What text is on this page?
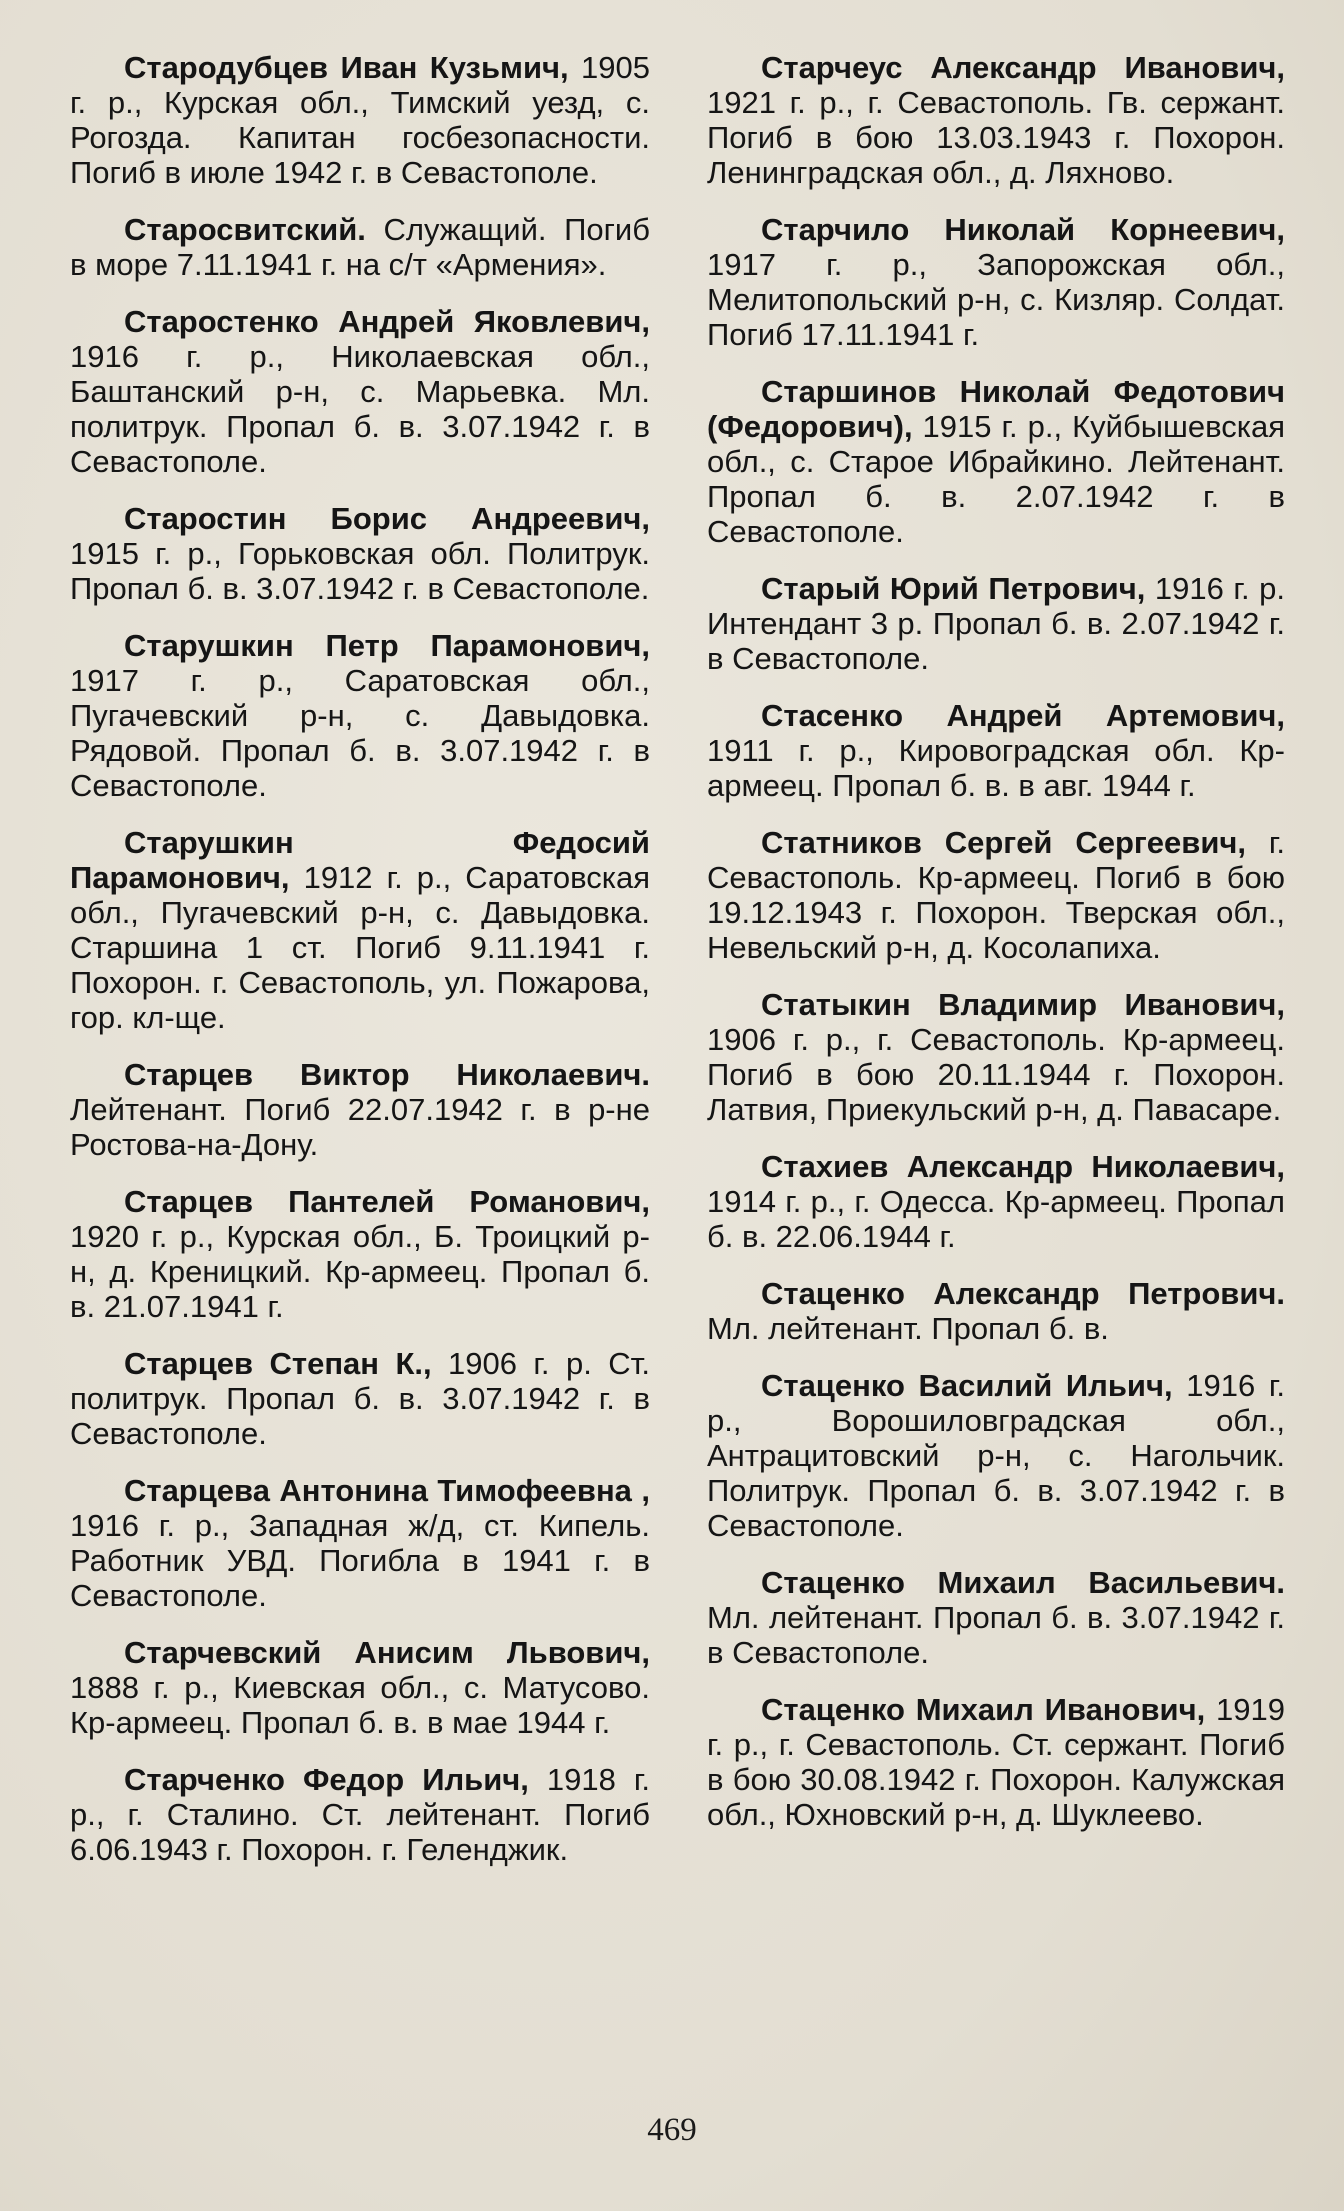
Стародубцев Иван Кузьмич, 1905 г. р., Курская обл., Тимский уезд, с. Рогозда. Капитан госбезопасности. Погиб в июле 1942 г. в Севастополе.

Старосвитский. Служащий. Погиб в море 7.11.1941 г. на с/т «Армения».

Старостенко Андрей Яковлевич, 1916 г. р., Николаевская обл., Баштанский р-н, с. Марьевка. Мл. политрук. Пропал б. в. 3.07.1942 г. в Севастополе.

Старостин Борис Андреевич, 1915 г. р., Горьковская обл. Политрук. Пропал б. в. 3.07.1942 г. в Севастополе.

Старушкин Петр Парамонович, 1917 г. р., Саратовская обл., Пугачевский р-н, с. Давыдовка. Рядовой. Пропал б. в. 3.07.1942 г. в Севастополе.

Старушкин Федосий Парамонович, 1912 г. р., Саратовская обл., Пугачевский р-н, с. Давыдовка. Старшина 1 ст. Погиб 9.11.1941 г. Похорон. г. Севастополь, ул. Пожарова, гор. кл-ще.

Старцев Виктор Николаевич. Лейтенант. Погиб 22.07.1942 г. в р-не Ростова-на-Дону.

Старцев Пантелей Романович, 1920 г. р., Курская обл., Б. Троицкий р-н, д. Креницкий. Кр-армеец. Пропал б. в. 21.07.1941 г.

Старцев Степан К., 1906 г. р. Ст. политрук. Пропал б. в. 3.07.1942 г. в Севастополе.

Старцева Антонина Тимофеевна , 1916 г. р., Западная ж/д, ст. Кипель. Работник УВД. Погибла в 1941 г. в Севастополе.

Старчевский Анисим Львович, 1888 г. р., Киевская обл., с. Матусово. Кр-армеец. Пропал б. в. в мае 1944 г.

Старченко Федор Ильич, 1918 г. р., г. Сталино. Ст. лейтенант. Погиб 6.06.1943 г. Похорон. г. Геленджик.

Старчеус Александр Иванович, 1921 г. р., г. Севастополь. Гв. сержант. Погиб в бою 13.03.1943 г. Похорон. Ленинградская обл., д. Ляхново.

Старчило Николай Корнеевич, 1917 г. р., Запорожская обл., Мелитопольский р-н, с. Кизляр. Солдат. Погиб 17.11.1941 г.

Старшинов Николай Федотович (Федорович), 1915 г. р., Куйбышевская обл., с. Старое Ибрайкино. Лейтенант. Пропал б. в. 2.07.1942 г. в Севастополе.

Старый Юрий Петрович, 1916 г. р. Интендант 3 р. Пропал б. в. 2.07.1942 г. в Севастополе.

Стасенко Андрей Артемович, 1911 г. р., Кировоградская обл. Кр-армеец. Пропал б. в. в авг. 1944 г.

Статников Сергей Сергеевич, г. Севастополь. Кр-армеец. Погиб в бою 19.12.1943 г. Похорон. Тверская обл., Невельский р-н, д. Косолапиха.

Статыкин Владимир Иванович, 1906 г. р., г. Севастополь. Кр-армеец. Погиб в бою 20.11.1944 г. Похорон. Латвия, Приекульский р-н, д. Павасаре.

Стахиев Александр Николаевич, 1914 г. р., г. Одесса. Кр-армеец. Пропал б. в. 22.06.1944 г.

Стаценко Александр Петрович. Мл. лейтенант. Пропал б. в.

Стаценко Василий Ильич, 1916 г. р., Ворошиловградская обл., Антрацитовский р-н, с. Нагольчик. Политрук. Пропал б. в. 3.07.1942 г. в Севастополе.

Стаценко Михаил Васильевич. Мл. лейтенант. Пропал б. в. 3.07.1942 г. в Севастополе.

Стаценко Михаил Иванович, 1919 г. р., г. Севастополь. Ст. сержант. Погиб в бою 30.08.1942 г. Похорон. Калужская обл., Юхновский р-н, д. Шуклеево.

469
